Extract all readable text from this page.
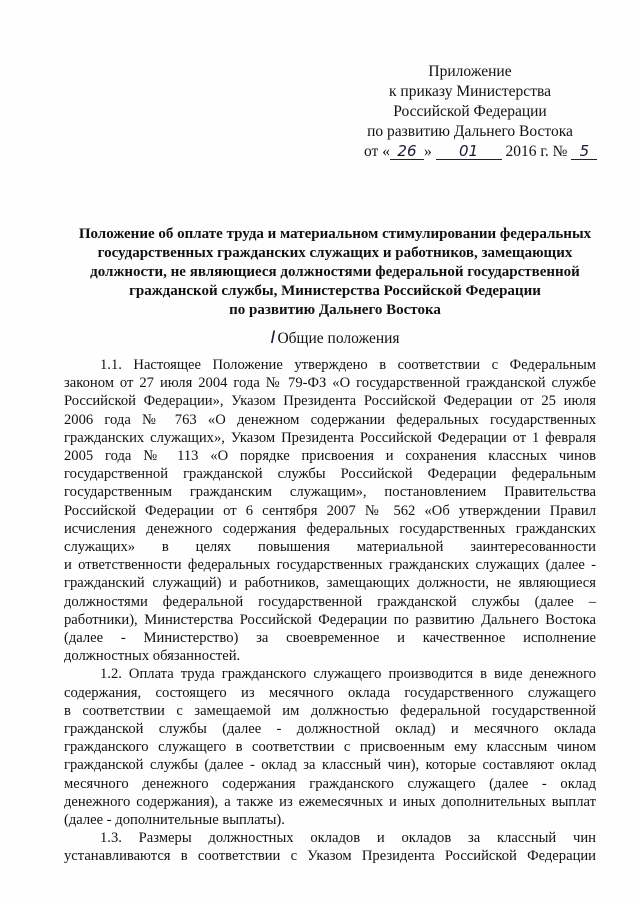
Приложение
к приказу Министерства
Российской Федерации
по развитию Дальнего Востока
от « 26 » 01 2016 г. № 5
Положение об оплате труда и материальном стимулировании федеральных
государственных гражданских служащих и работников, замещающих
должности, не являющиеся должностями федеральной государственной
гражданской службы, Министерства Российской Федерации
по развитию Дальнего Востока
I Общие положения
1.1. Настоящее Положение утверждено в соответствии с Федеральным
законом от 27 июля 2004 года № 79-ФЗ «О государственной гражданской службе
Российской Федерации», Указом Президента Российской Федерации от 25 июля
2006 года № 763 «О денежном содержании федеральных государственных
гражданских служащих», Указом Президента Российской Федерации от 1 февраля
2005 года № 113 «О порядке присвоения и сохранения классных чинов
государственной гражданской службы Российской Федерации федеральным
государственным гражданским служащим», постановлением Правительства
Российской Федерации от 6 сентября 2007 № 562 «Об утверждении Правил
исчисления денежного содержания федеральных государственных гражданских
служащих» в целях повышения материальной заинтересованности
и ответственности федеральных государственных гражданских служащих (далее -
гражданский служащий) и работников, замещающих должности, не являющиеся
должностями федеральной государственной гражданской службы (далее –
работники), Министерства Российской Федерации по развитию Дальнего Востока
(далее - Министерство) за своевременное и качественное исполнение
должностных обязанностей.
1.2. Оплата труда гражданского служащего производится в виде денежного
содержания, состоящего из месячного оклада государственного служащего
в соответствии с замещаемой им должностью федеральной государственной
гражданской службы (далее - должностной оклад) и месячного оклада
гражданского служащего в соответствии с присвоенным ему классным чином
гражданской службы (далее - оклад за классный чин), которые составляют оклад
месячного денежного содержания гражданского служащего (далее - оклад
денежного содержания), а также из ежемесячных и иных дополнительных выплат
(далее - дополнительные выплаты).
1.3. Размеры должностных окладов и окладов за классный чин
устанавливаются в соответствии с Указом Президента Российской Федерации
